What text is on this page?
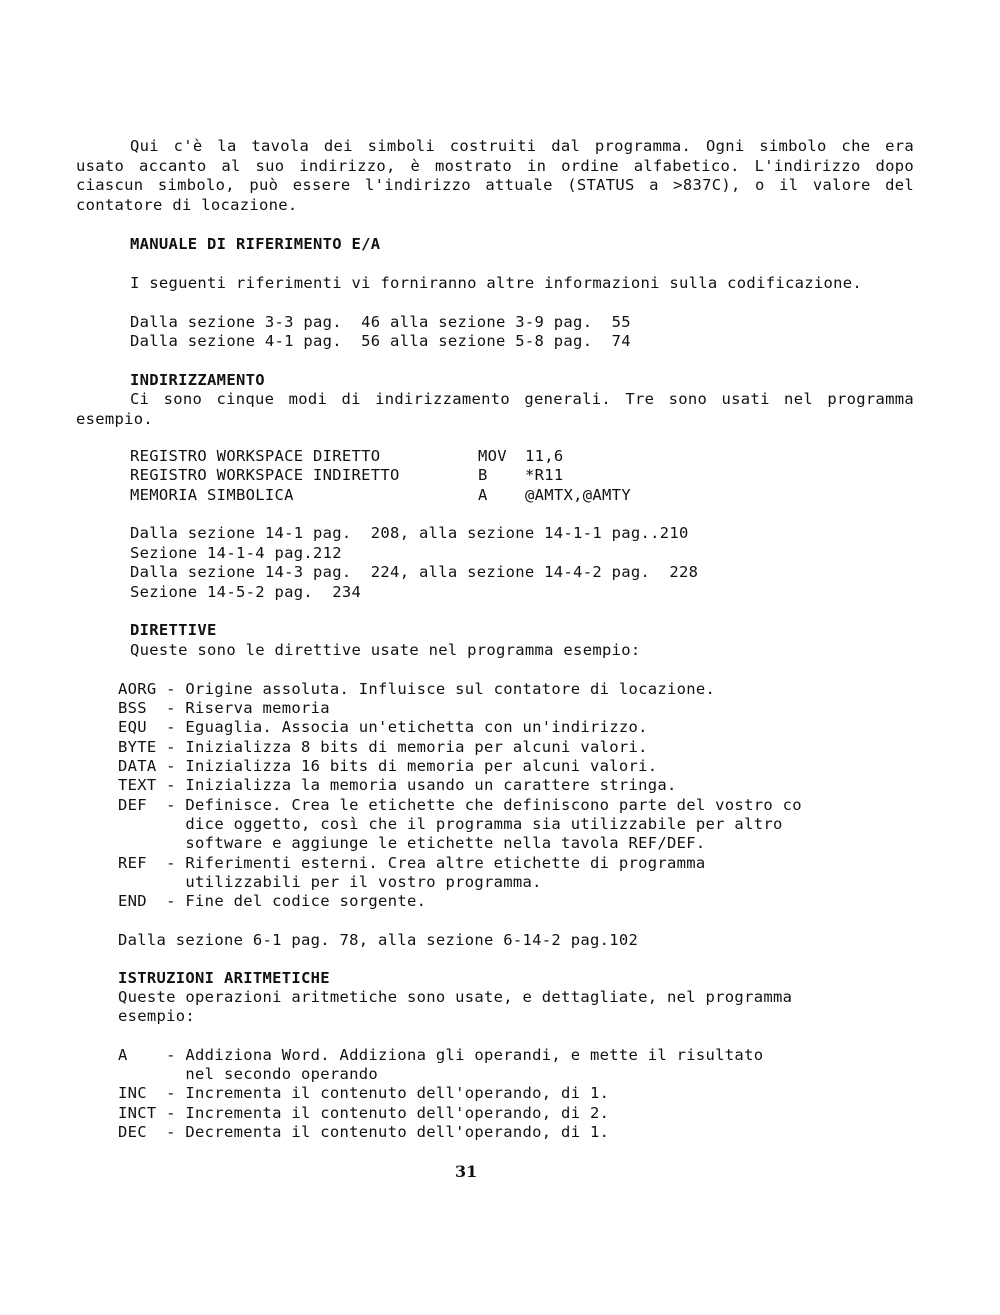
Qui c'è la tavola dei simboli costruiti dal programma. Ogni simbolo che era
usato accanto al suo indirizzo, è mostrato in ordine alfabetico. L'indirizzo dopo
ciascun simbolo, può essere l'indirizzo attuale (STATUS a >837C), o il valore del
contatore di locazione.
MANUALE DI RIFERIMENTO E/A
I seguenti riferimenti vi forniranno altre informazioni sulla codificazione.
Dalla sezione 3-3 pag.  46 alla sezione 3-9 pag.  55
Dalla sezione 4-1 pag.  56 alla sezione 5-8 pag.  74
INDIRIZZAMENTO
Ci sono cinque modi di indirizzamento generali. Tre sono usati nel programma
esempio.
REGISTRO WORKSPACE DIRETTO	MOV 11,6
REGISTRO WORKSPACE INDIRETTO	B *R11
MEMORIA SIMBOLICA	A @AMTX,@AMTY
Dalla sezione 14-1 pag.  208, alla sezione 14-1-1 pag..210
Sezione 14-1-4 pag.212
Dalla sezione 14-3 pag.  224, alla sezione 14-4-2 pag.  228
Sezione 14-5-2 pag.  234
DIRETTIVE
Queste sono le direttive usate nel programma esempio:
AORG - Origine assoluta. Influisce sul contatore di locazione.
BSS  - Riserva memoria
EQU  - Eguaglia. Associa un'etichetta con un'indirizzo.
BYTE - Inizializza 8 bits di memoria per alcuni valori.
DATA - Inizializza 16 bits di memoria per alcuni valori.
TEXT - Inizializza la memoria usando un carattere stringa.
DEF  - Definisce. Crea le etichette che definiscono parte del vostro co
dice oggetto, così che il programma sia utilizzabile per altro
software e aggiunge le etichette nella tavola REF/DEF.
REF  - Riferimenti esterni. Crea altre etichette di programma
utilizzabili per il vostro programma.
END  - Fine del codice sorgente.
Dalla sezione 6-1 pag. 78, alla sezione 6-14-2 pag.102
ISTRUZIONI ARITMETICHE
Queste operazioni aritmetiche sono usate, e dettagliate, nel programma
esempio:
A    - Addiziona Word. Addiziona gli operandi, e mette il risultato
nel secondo operando
INC  - Incrementa il contenuto dell'operando, di 1.
INCT - Incrementa il contenuto dell'operando, di 2.
DEC  - Decrementa il contenuto dell'operando, di 1.
31
